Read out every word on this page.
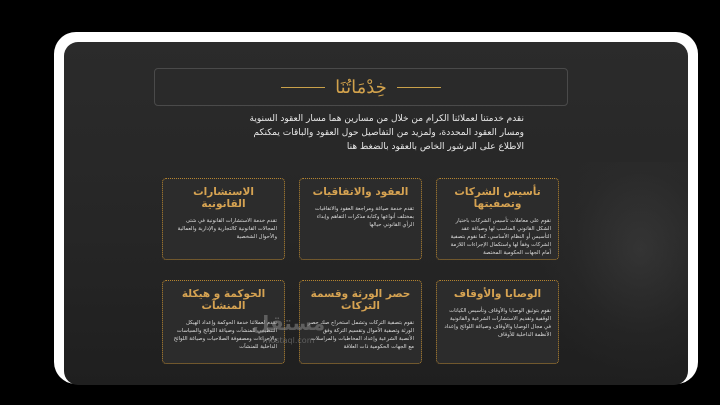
خِدْمَاتُنَا
نقدم خدمتنا لعملائنا الكرام من خلال من مسارين هما مسار العقود السنوية ومسار العقود المحددة، ولمزيد من التفاصيل حول العقود والباقات يمكنكم الاطلاع على البرشور الخاص بالعقود بالضغط هنا
تأسيس الشركات وتصفيتها
نقوم على معاملات تأسيس الشركات باختيار الشكل القانوني المناسب لها وصياغة عقد التأسيس أو النظام الأساسي، كما نقوم بتصفية الشركات وفقاً لها واستكمال الإجراءات اللازمة أمام الجهات الحكومية المختصة
العقود والاتفاقيات
تقدم خدمة صياغة ومراجعة العقود والاتفاقيات بمختلف أنواعها وكتابة مذكرات التفاهم وإبداء الرأي القانوني حيالها
الاستشارات القانونية
تقدم خدمة الاستشارات القانونية في شتى المجالات القانونية كالتجارية والإدارية والعمالية والأحوال الشخصية
الوصايا والأوقاف
نقوم بتوثيق الوصايا والأوقاف وتأسيس الكيانات الوقفية وتقديم الاستشارات الشرعية والقانونية في مجال الوصايا والأوقاف وصياغة اللوائح وإعداد الأنظمة الداخلية للأوقاف
حصر الورثة وقسمة التركات
نقوم بتصفية التركات وتشمل استخراج صك حصر الورثة وتصفية الأموال وتقسيم التركة وفق الأنصبة الشرعية وإعداد المخاطبات والمراسلات مع الجهات الحكومية ذات العلاقة
الحوكمة و هيكلة المنشآت
تقدم لعملائنا خدمة الحوكمة وإعداد الهيكل التنظيمي للمنشآت وصياغة اللوائح والسياسات والإجراءات ومصفوفة الصلاحيات وصياغة اللوائح الداخلية للمنشآت
مستقل
mostaql.com
